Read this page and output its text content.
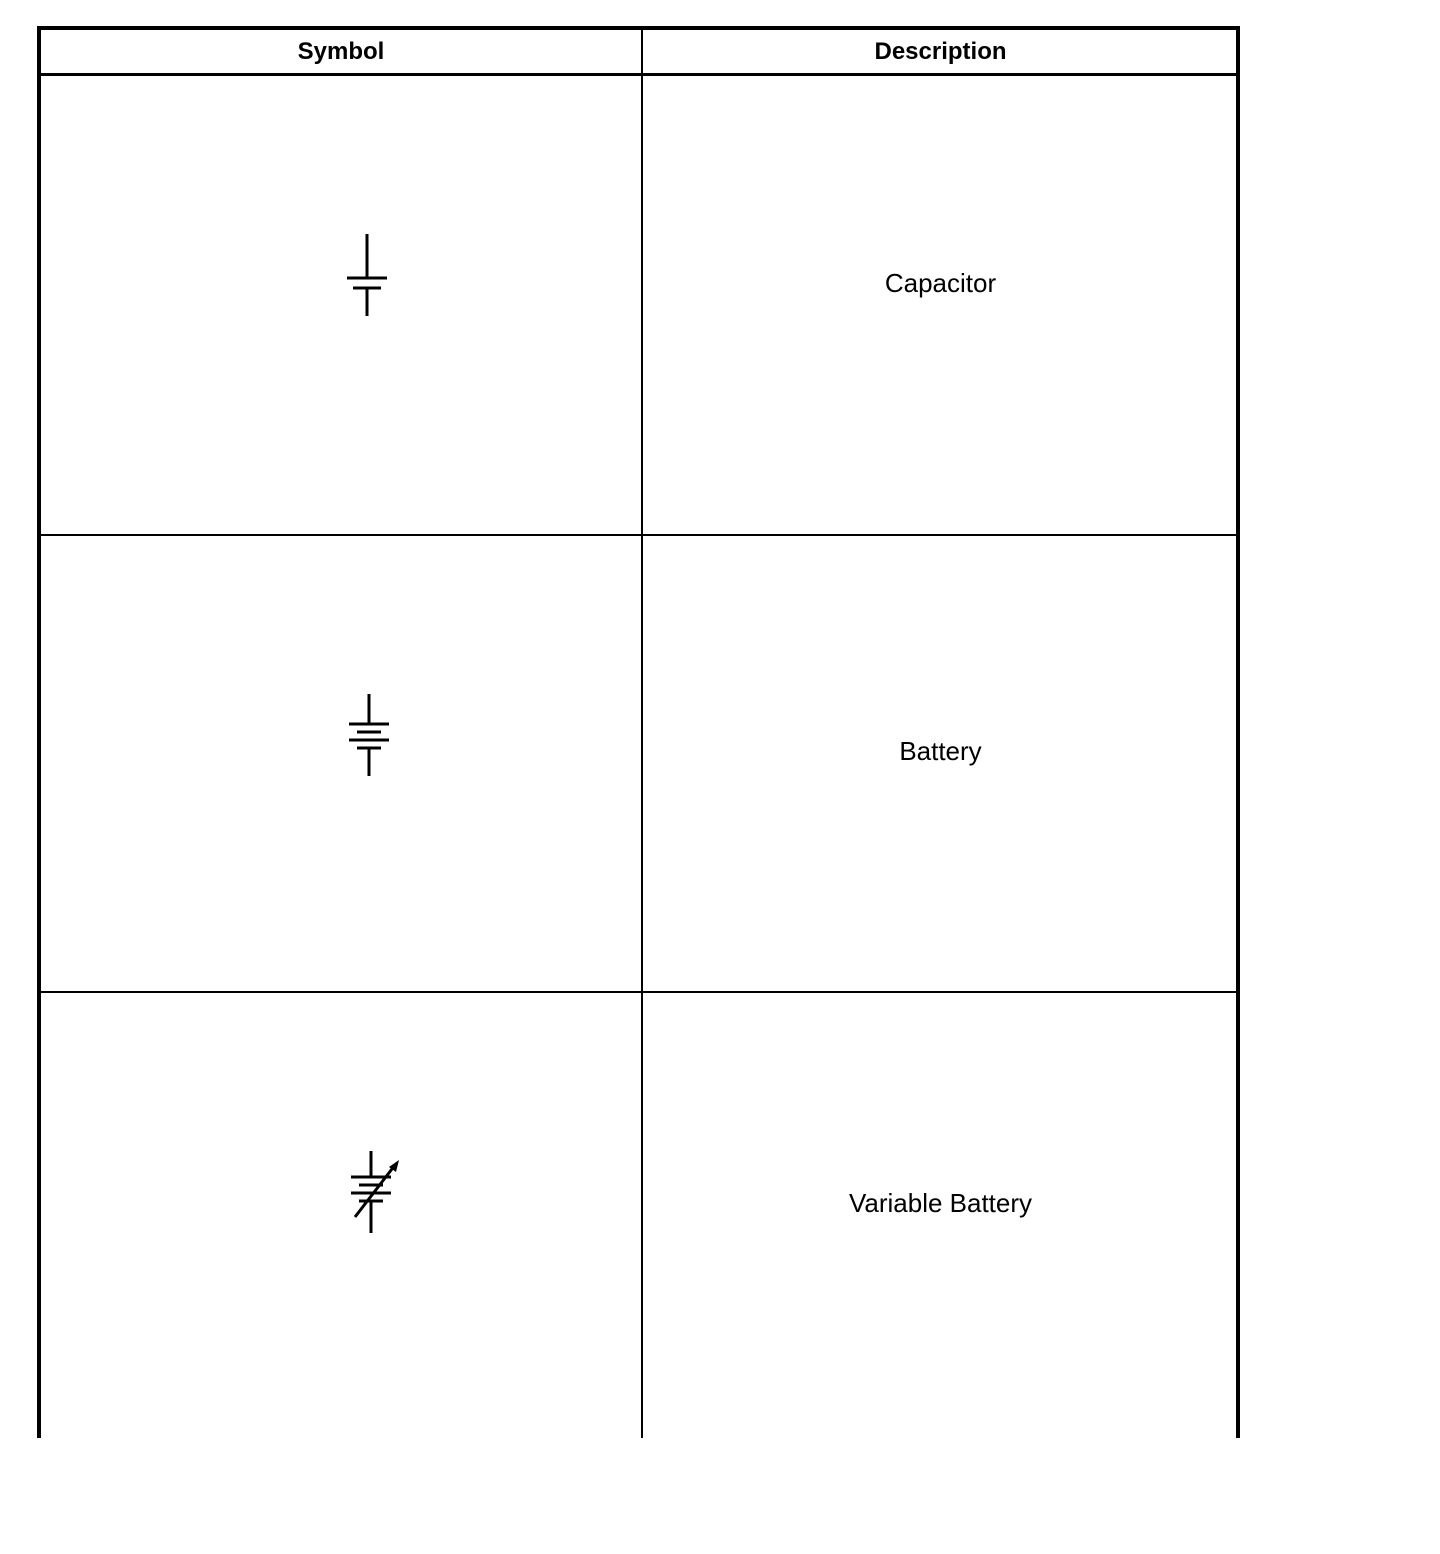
Symbol	Description
Capacitor
Battery
Variable Battery
